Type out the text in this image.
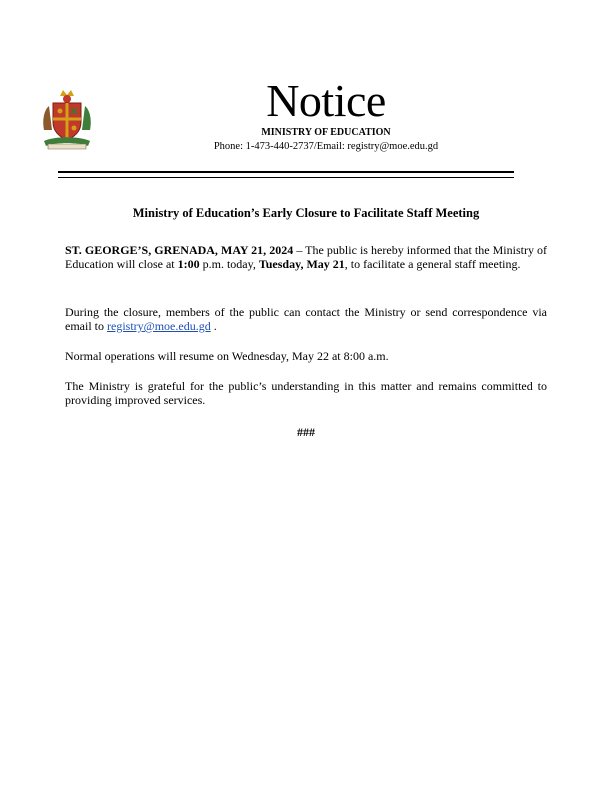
Notice
MINISTRY OF EDUCATION
Phone: 1-473-440-2737/Email: registry@moe.edu.gd
Ministry of Education’s Early Closure to Facilitate Staff Meeting

ST. GEORGE’S, GRENADA, MAY 21, 2024 – The public is hereby informed that the Ministry of Education will close at 1:00 p.m. today, Tuesday, May 21, to facilitate a general staff meeting.

During the closure, members of the public can contact the Ministry or send correspondence via email to registry@moe.edu.gd .

Normal operations will resume on Wednesday, May 22 at 8:00 a.m.

The Ministry is grateful for the public’s understanding in this matter and remains committed to providing improved services.

###
